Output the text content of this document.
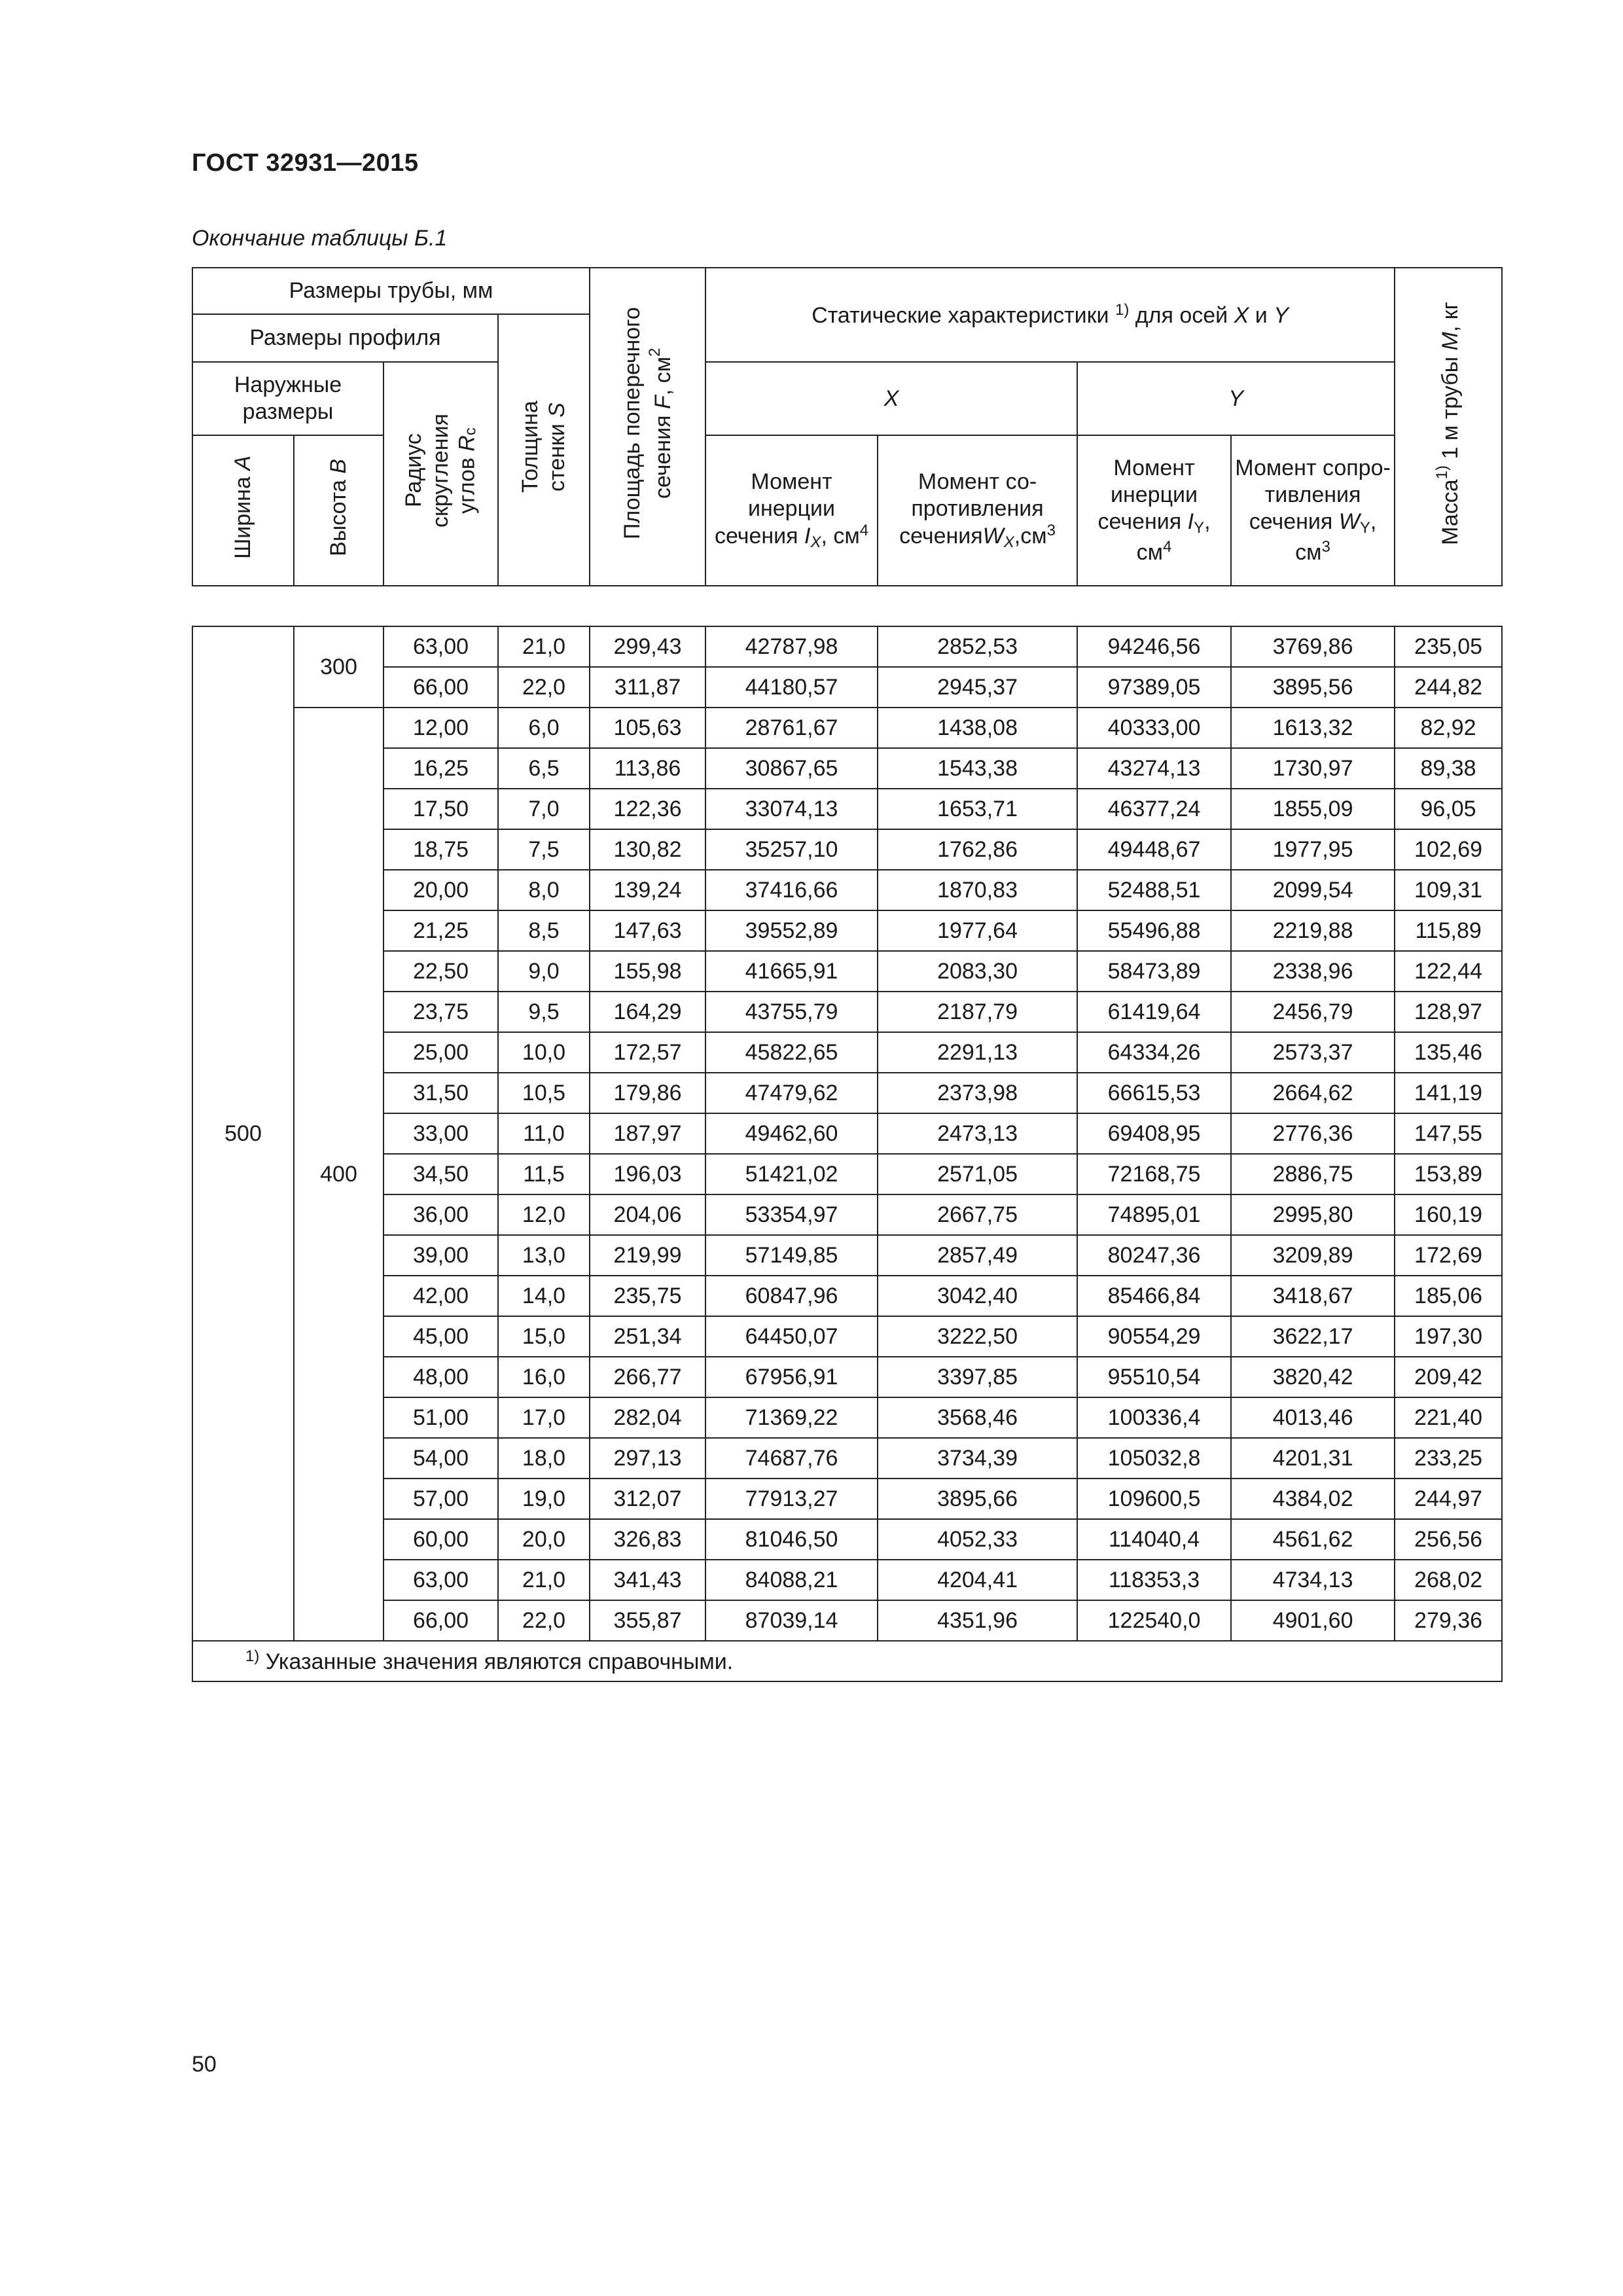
ГОСТ 32931—2015
Окончание таблицы Б.1
Размеры трубы, мм				Площадь поперечного сечения F, $см^2$	Статические характеристики $^{1)}$ для осей X и Y				Масса$^{1)}$ 1 м трубы M, кг
Размеры профиля			Толщина стенки S						
Наружные размеры		Радиус скругления углов $R_c$			X		Y		
Ширина A	Высота B				Момент инерции сечения $I_X$, $см^4$	Момент со-противления $сеченияW_X,см^3$	Момент инерции сечения $I_Y$, $см^4$	Момент сопро-тивления сечения $W_Y$, $см^3$

500	300	63,00	21,0	299,43	42787,98	2852,53	94246,56	3769,86	235,05
		66,00	22,0	311,87	44180,57	2945,37	97389,05	3895,56	244,82
	400	12,00	6,0	105,63	28761,67	1438,08	40333,00	1613,32	82,92
		16,25	6,5	113,86	30867,65	1543,38	43274,13	1730,97	89,38
		17,50	7,0	122,36	33074,13	1653,71	46377,24	1855,09	96,05
		18,75	7,5	130,82	35257,10	1762,86	49448,67	1977,95	102,69
		20,00	8,0	139,24	37416,66	1870,83	52488,51	2099,54	109,31
		21,25	8,5	147,63	39552,89	1977,64	55496,88	2219,88	115,89
		22,50	9,0	155,98	41665,91	2083,30	58473,89	2338,96	122,44
		23,75	9,5	164,29	43755,79	2187,79	61419,64	2456,79	128,97
		25,00	10,0	172,57	45822,65	2291,13	64334,26	2573,37	135,46
		31,50	10,5	179,86	47479,62	2373,98	66615,53	2664,62	141,19
		33,00	11,0	187,97	49462,60	2473,13	69408,95	2776,36	147,55
		34,50	11,5	196,03	51421,02	2571,05	72168,75	2886,75	153,89
		36,00	12,0	204,06	53354,97	2667,75	74895,01	2995,80	160,19
		39,00	13,0	219,99	57149,85	2857,49	80247,36	3209,89	172,69
		42,00	14,0	235,75	60847,96	3042,40	85466,84	3418,67	185,06
		45,00	15,0	251,34	64450,07	3222,50	90554,29	3622,17	197,30
		48,00	16,0	266,77	67956,91	3397,85	95510,54	3820,42	209,42
		51,00	17,0	282,04	71369,22	3568,46	100336,4	4013,46	221,40
		54,00	18,0	297,13	74687,76	3734,39	105032,8	4201,31	233,25
		57,00	19,0	312,07	77913,27	3895,66	109600,5	4384,02	244,97
		60,00	20,0	326,83	81046,50	4052,33	114040,4	4561,62	256,56
		63,00	21,0	341,43	84088,21	4204,41	118353,3	4734,13	268,02
		66,00	22,0	355,87	87039,14	4351,96	122540,0	4901,60	279,36
$^{1)}$ Указанные значения являются справочными.									
50
